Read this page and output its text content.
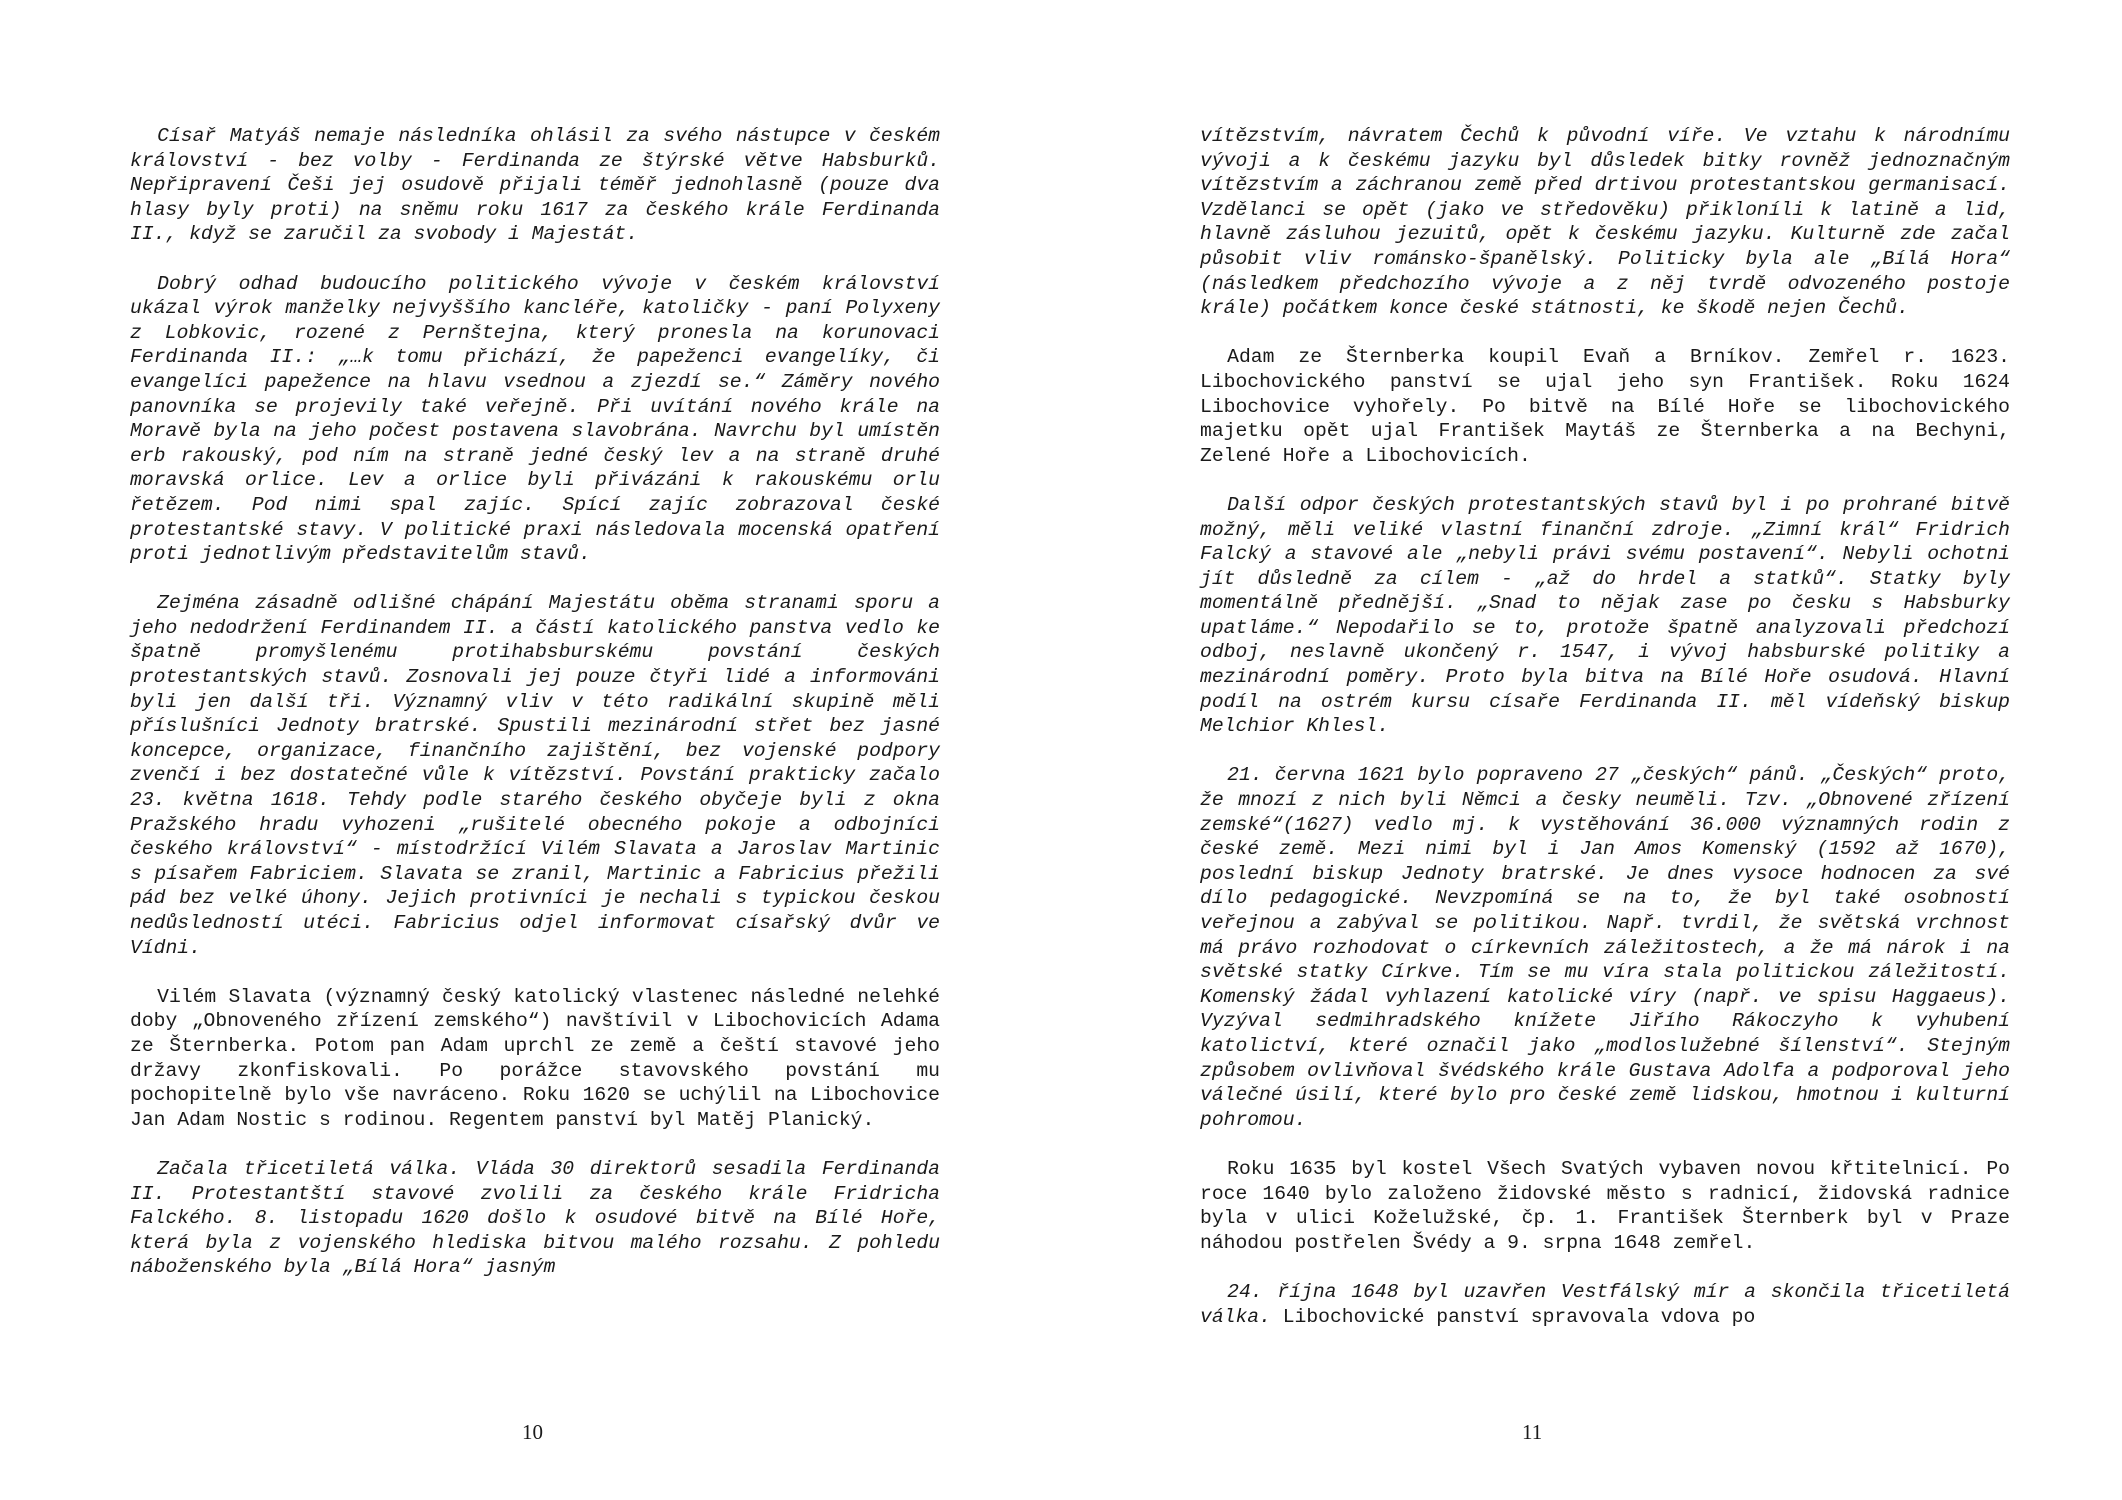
Císař Matyáš nemaje následníka ohlásil za svého nástupce v českém království - bez volby - Ferdinanda ze štýrské větve Habsburků. Nepřipravení Češi jej osudově přijali téměř jednohlasně (pouze dva hlasy byly proti) na sněmu roku 1617 za českého krále Ferdinanda II., když se zaručil za svobody i Majestát.

Dobrý odhad budoucího politického vývoje v českém království ukázal výrok manželky nejvyššího kancléře, katoličky - paní Polyxeny z Lobkovic, rozené z Pernštejna, který pronesla na korunovaci Ferdinanda II.: „…k tomu přichází, že papeženci evangelíky, či evangelíci papežence na hlavu vsednou a zjezdí se.“ Záměry nového panovníka se projevily také veřejně. Při uvítání nového krále na Moravě byla na jeho počest postavena slavobrána. Navrchu byl umístěn erb rakouský, pod ním na straně jedné český lev a na straně druhé moravská orlice. Lev a orlice byli přivázáni k rakouskému orlu řetězem. Pod nimi spal zajíc. Spící zajíc zobrazoval české protestantské stavy. V politické praxi následovala mocenská opatření proti jednotlivým představitelům stavů.

Zejména zásadně odlišné chápání Majestátu oběma stranami sporu a jeho nedodržení Ferdinandem II. a částí katolického panstva vedlo ke špatně promyšlenému protihabsburskému povstání českých protestantských stavů. Zosnovali jej pouze čtyři lidé a informováni byli jen další tři. Významný vliv v této radikální skupině měli příslušníci Jednoty bratrské. Spustili mezinárodní střet bez jasné koncepce, organizace, finančního zajištění, bez vojenské podpory zvenčí i bez dostatečné vůle k vítězství. Povstání prakticky začalo 23. května 1618. Tehdy podle starého českého obyčeje byli z okna Pražského hradu vyhozeni „rušitelé obecného pokoje a odbojníci českého království“ - místodržící Vilém Slavata a Jaroslav Martinic s písařem Fabriciem. Slavata se zranil, Martinic a Fabricius přežili pád bez velké úhony. Jejich protivníci je nechali s typickou českou nedůsledností utéci. Fabricius odjel informovat císařský dvůr ve Vídni.

Vilém Slavata (významný český katolický vlastenec následné nelehké doby „Obnoveného zřízení zemského“) navštívil v Libochovicích Adama ze Šternberka. Potom pan Adam uprchl ze země a čeští stavové jeho državy zkonfiskovali. Po porážce stavovského povstání mu pochopitelně bylo vše navráceno. Roku 1620 se uchýlil na Libochovice Jan Adam Nostic s rodinou. Regentem panství byl Matěj Planický.

Začala třicetiletá válka. Vláda 30 direktorů sesadila Ferdinanda II. Protestantští stavové zvolili za českého krále Fridricha Falckého. 8. listopadu 1620 došlo k osudové bitvě na Bílé Hoře, která byla z vojenského hlediska bitvou malého rozsahu. Z pohledu náboženského byla „Bílá Hora“ jasným

10

vítězstvím, návratem Čechů k původní víře. Ve vztahu k národnímu vývoji a k českému jazyku byl důsledek bitky rovněž jednoznačným vítězstvím a záchranou země před drtivou protestantskou germanisací. Vzdělanci se opět (jako ve středověku) přikloníli k latině a lid, hlavně zásluhou jezuitů, opět k českému jazyku. Kulturně zde začal působit vliv románsko-španělský. Politicky byla ale „Bílá Hora“ (následkem předchozího vývoje a z něj tvrdě odvozeného postoje krále) počátkem konce české státnosti, ke škodě nejen Čechů.

Adam ze Šternberka koupil Evaň a Brníkov. Zemřel r. 1623. Libochovického panství se ujal jeho syn František. Roku 1624 Libochovice vyhořely. Po bitvě na Bílé Hoře se libochovického majetku opět ujal František Maytáš ze Šternberka a na Bechyni, Zelené Hoře a Libochovicích.

Další odpor českých protestantských stavů byl i po prohrané bitvě možný, měli veliké vlastní finanční zdroje. „Zimní král“ Fridrich Falcký a stavové ale „nebyli právi svému postavení“. Nebyli ochotni jít důsledně za cílem - „až do hrdel a statků“. Statky byly momentálně přednější. „Snad to nějak zase po česku s Habsburky upatláme.“ Nepodařilo se to, protože špatně analyzovali předchozí odboj, neslavně ukončený r. 1547, i vývoj habsburské politiky a mezinárodní poměry. Proto byla bitva na Bílé Hoře osudová. Hlavní podíl na ostrém kursu císaře Ferdinanda II. měl vídeňský biskup Melchior Khlesl.

21. června 1621 bylo popraveno 27 „českých“ pánů. „Českých“ proto, že mnozí z nich byli Němci a česky neuměli. Tzv. „Obnovené zřízení zemské“(1627) vedlo mj. k vystěhování 36.000 významných rodin z české země. Mezi nimi byl i Jan Amos Komenský (1592 až 1670), poslední biskup Jednoty bratrské. Je dnes vysoce hodnocen za své dílo pedagogické. Nevzpomíná se na to, že byl také osobností veřejnou a zabýval se politikou. Např. tvrdil, že světská vrchnost má právo rozhodovat o církevních záležitostech, a že má nárok i na světské statky Církve. Tím se mu víra stala politickou záležitostí. Komenský žádal vyhlazení katolické víry (např. ve spisu Haggaeus). Vyzýval sedmihradského knížete Jiřího Rákoczyho k vyhubení katolictví, které označil jako „modloslužebné šílenství“. Stejným způsobem ovlivňoval švédského krále Gustava Adolfa a podporoval jeho válečné úsilí, které bylo pro české země lidskou, hmotnou i kulturní pohromou.

Roku 1635 byl kostel Všech Svatých vybaven novou křtitelnicí. Po roce 1640 bylo založeno židovské město s radnicí, židovská radnice byla v ulici Koželužské, čp. 1. František Šternberk byl v Praze náhodou postřelen Švédy a 9. srpna 1648 zemřel.

24. října 1648 byl uzavřen Vestfálský mír a skončila třicetiletá válka. Libochovické panství spravovala vdova po

11
